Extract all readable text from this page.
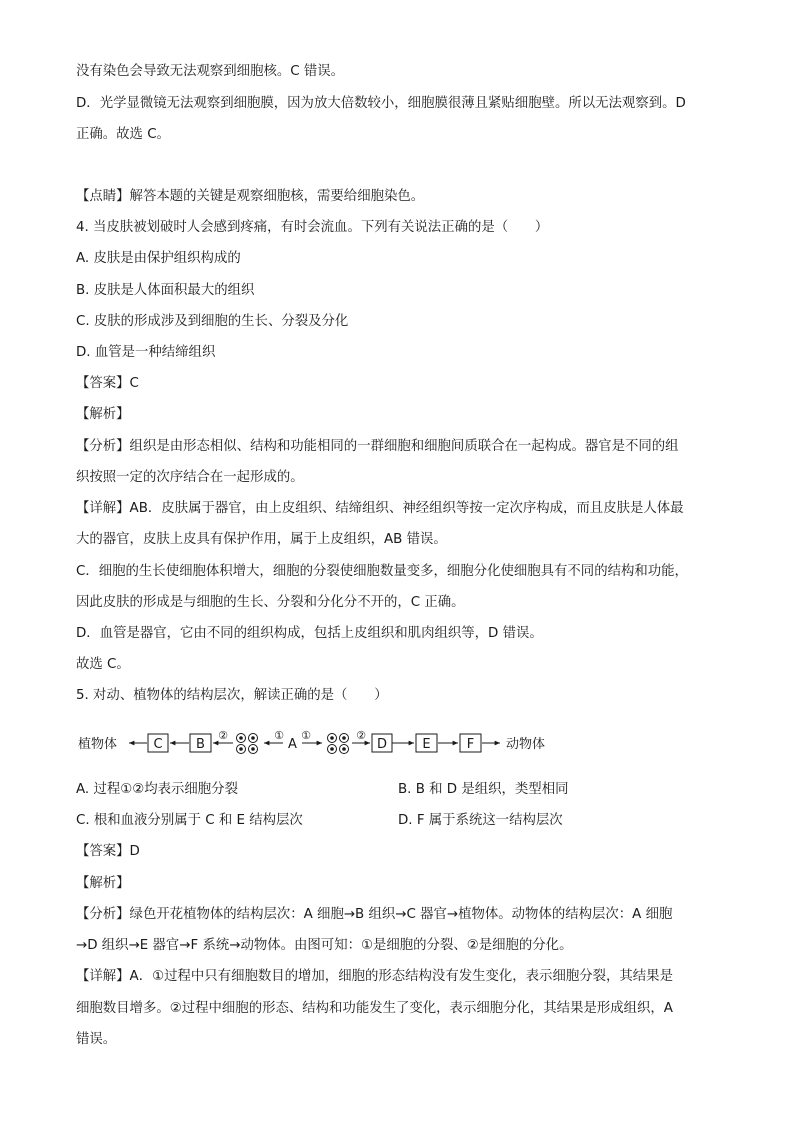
没有染色会导致无法观察到细胞核。C 错误。

D．光学显微镜无法观察到细胞膜，因为放大倍数较小，细胞膜很薄且紧贴细胞壁。所以无法观察到。D

正确。故选 C。

【点睛】解答本题的关键是观察细胞核，需要给细胞染色。

4. 当皮肤被划破时人会感到疼痛，有时会流血。下列有关说法正确的是（　　）

A. 皮肤是由保护组织构成的

B. 皮肤是人体面积最大的组织

C. 皮肤的形成涉及到细胞的生长、分裂及分化

D. 血管是一种结缔组织

【答案】C

【解析】

【分析】组织是由形态相似、结构和功能相同的一群细胞和细胞间质联合在一起构成。器官是不同的组

织按照一定的次序结合在一起形成的。

【详解】AB．皮肤属于器官，由上皮组织、结缔组织、神经组织等按一定次序构成，而且皮肤是人体最

大的器官，皮肤上皮具有保护作用，属于上皮组织，AB 错误。

C．细胞的生长使细胞体积增大，细胞的分裂使细胞数量变多，细胞分化使细胞具有不同的结构和功能，

因此皮肤的形成是与细胞的生长、分裂和分化分不开的，C 正确。

D．血管是器官，它由不同的组织构成，包括上皮组织和肌肉组织等，D 错误。

故选 C。

5. 对动、植物体的结构层次，解读正确的是（　　）

植物体	C	B	A	D	E	F 动物体
②	① ①	②

A. 过程①②均表示细胞分裂	B. B 和 D 是组织，类型相同

C. 根和血液分别属于 C 和 E 结构层次	D. F 属于系统这一结构层次

【答案】D

【解析】

【分析】绿色开花植物体的结构层次：A 细胞→B 组织→C 器官→植物体。动物体的结构层次：A 细胞

→D 组织→E 器官→F 系统→动物体。由图可知：①是细胞的分裂、②是细胞的分化。

【详解】A．①过程中只有细胞数目的增加，细胞的形态结构没有发生变化，表示细胞分裂，其结果是

细胞数目增多。②过程中细胞的形态、结构和功能发生了变化，表示细胞分化，其结果是形成组织，A

错误。
